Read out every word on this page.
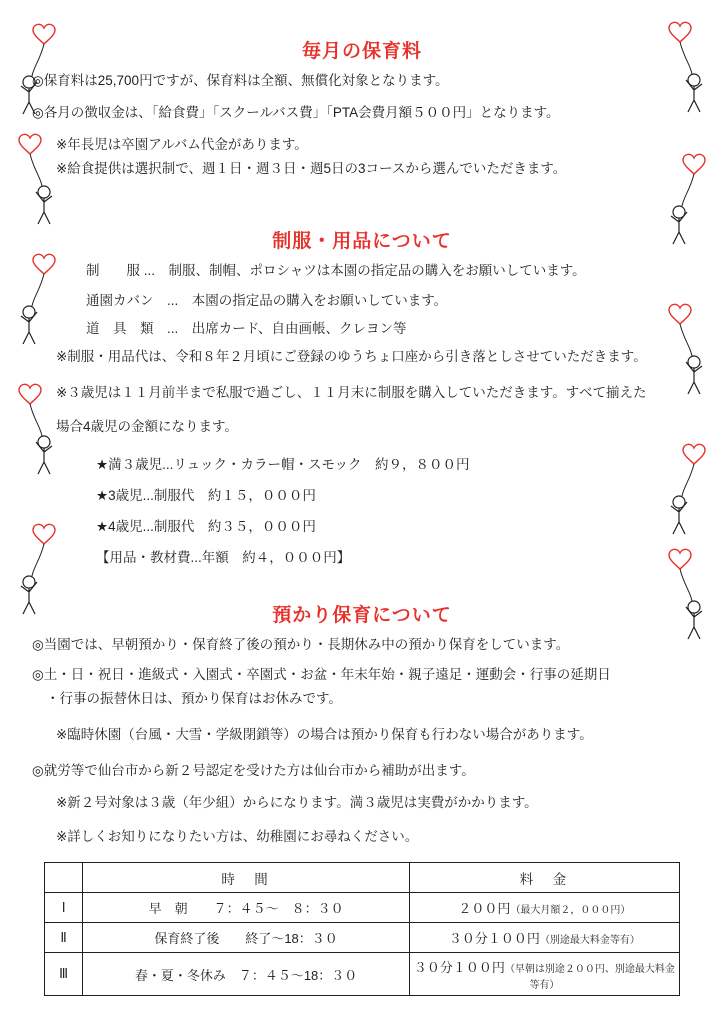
毎月の保育料
◎保育料は25,700円ですが、保育料は全額、無償化対象となります。
◎各月の徴収金は、「給食費」「スクールバス費」「PTA会費月額５００円」となります。
※年長児は卒園アルバム代金があります。
※給食提供は選択制で、週１日・週３日・週5日の3コースから選んでいただきます。
制服・用品について
制　　服 ...　制服、制帽、ポロシャツは本園の指定品の購入をお願いしています。
通園カバン　...　本園の指定品の購入をお願いしています。
道　具　類　...　出席カード、自由画帳、クレヨン等
※制服・用品代は、令和８年２月頃にご登録のゆうちょ口座から引き落としさせていただきます。
※３歳児は１１月前半まで私服で過ごし、１１月末に制服を購入していただきます。すべて揃えた
場合4歳児の金額になります。
★満３歳児...リュック・カラー帽・スモック　約９，８００円
★3歳児...制服代　約１５，０００円
★4歳児...制服代　約３５，０００円
【用品・教材費...年額　約４，０００円】
預かり保育について
◎当園では、早朝預かり・保育終了後の預かり・長期休み中の預かり保育をしています。
◎土・日・祝日・進級式・入園式・卒園式・お盆・年末年始・親子遠足・運動会・行事の延期日
・行事の振替休日は、預かり保育はお休みです。
※臨時休園（台風・大雪・学級閉鎖等）の場合は預かり保育も行わない場合があります。
◎就労等で仙台市から新２号認定を受けた方は仙台市から補助が出ます。
※新２号対象は３歳（年少組）からになります。満３歳児は実費がかかります。
※詳しくお知りになりたい方は、幼稚園にお尋ねください。
	時　間	料　金
Ⅰ	早　朝　　７：４５〜　８：３０	２００円（最大月額２，０００円）
Ⅱ	保育終了後　　終了〜18：３０	３０分１００円（別途最大料金等有）
Ⅲ	春・夏・冬休み　７：４５〜18：３０	３０分１００円（早朝は別途２００円、別途最大料金等有）
